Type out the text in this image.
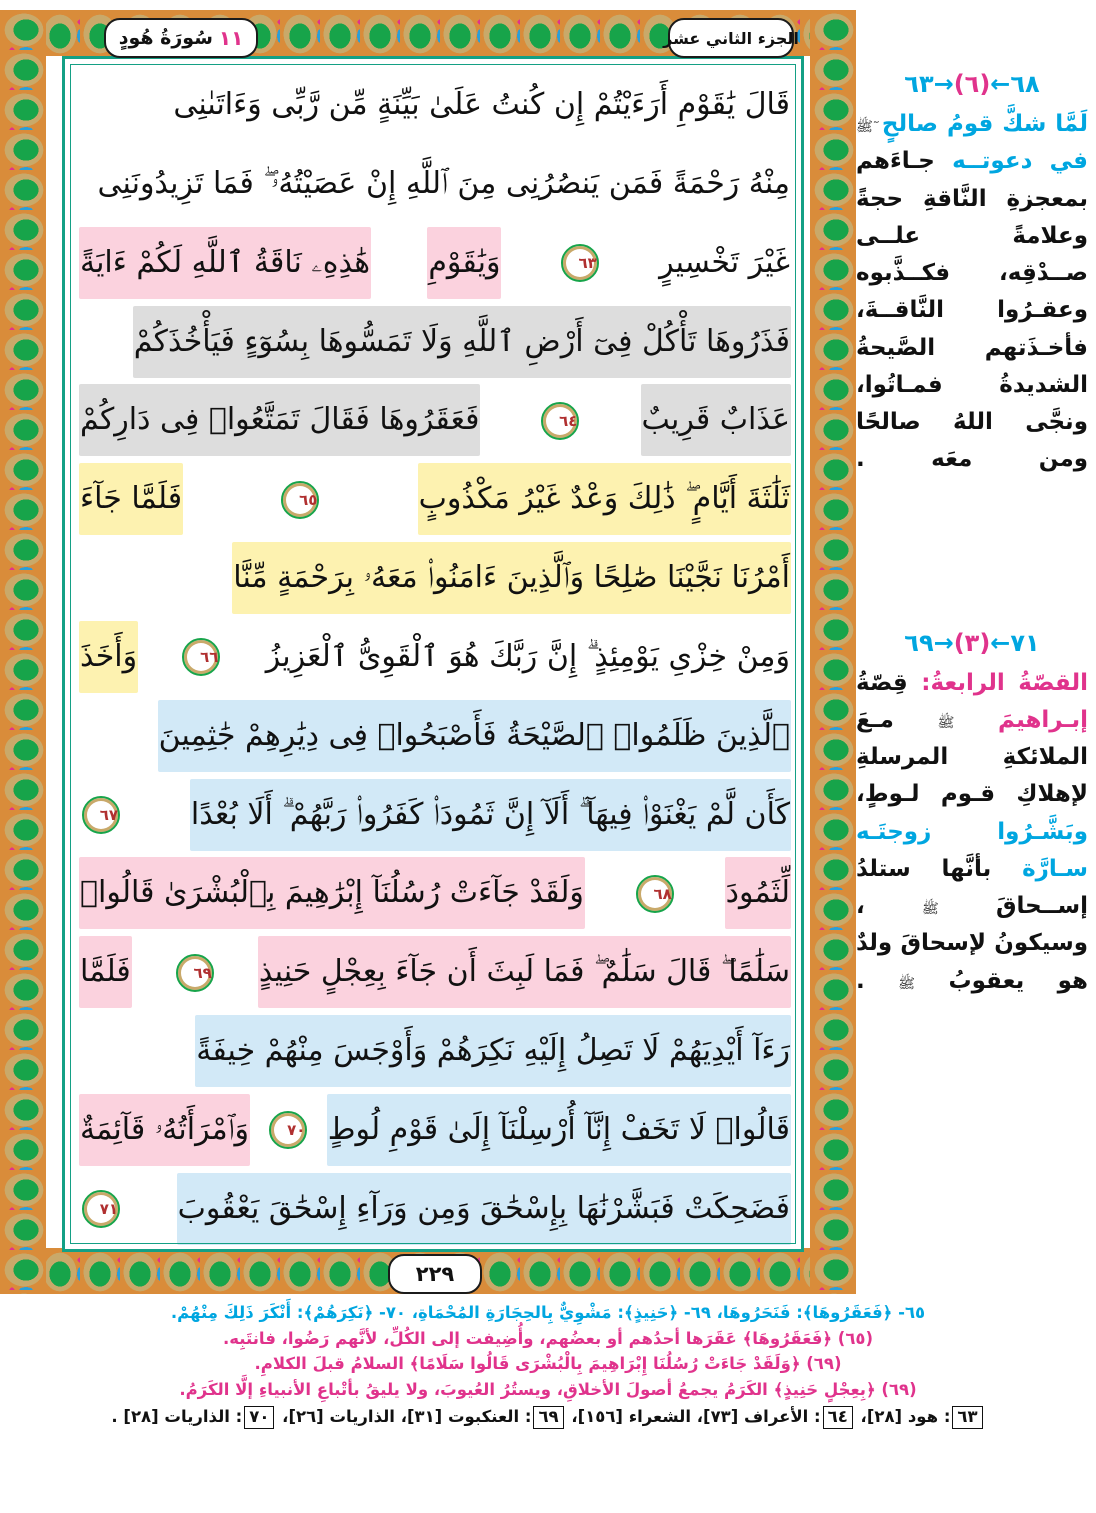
١١
سُورَةُ هُودٍ	الجزء الثاني عشر
قَالَ يَٰقَوْمِ أَرَءَيْتُمْ إِن كُنتُ عَلَىٰ بَيِّنَةٍ مِّن رَّبِّى وَءَاتَىٰنِى
مِنْهُ رَحْمَةً فَمَن يَنصُرُنِى مِنَ ٱللَّهِ إِنْ عَصَيْتُهُۥ ۖ فَمَا تَزِيدُونَنِى
غَيْرَ تَخْسِيرٍ ٦٣ وَيَٰقَوْمِ هَٰذِهِۦ نَاقَةُ ٱللَّهِ لَكُمْ ءَايَةً
فَذَرُوهَا تَأْكُلْ فِىٓ أَرْضِ ٱللَّهِ وَلَا تَمَسُّوهَا بِسُوٓءٍ فَيَأْخُذَكُمْ
عَذَابٌ قَرِيبٌ ٦٤ فَعَقَرُوهَا فَقَالَ تَمَتَّعُوا۟ فِى دَارِكُمْ
ثَلَٰثَةَ أَيَّامٍ ۖ ذَٰلِكَ وَعْدٌ غَيْرُ مَكْذُوبٍ ٦٥ فَلَمَّا جَآءَ
أَمْرُنَا نَجَّيْنَا صَٰلِحًا وَٱلَّذِينَ ءَامَنُوا۟ مَعَهُۥ بِرَحْمَةٍ مِّنَّا
وَمِنْ خِزْىِ يَوْمِئِذٍ ۗ إِنَّ رَبَّكَ هُوَ ٱلْقَوِىُّ ٱلْعَزِيزُ ٦٦ وَأَخَذَ
ٱلَّذِينَ ظَلَمُوا۟ ٱلصَّيْحَةُ فَأَصْبَحُوا۟ فِى دِيَٰرِهِمْ جَٰثِمِينَ
كَأَن لَّمْ يَغْنَوْا۟ فِيهَآ ۗ أَلَآ إِنَّ ثَمُودَا۟ كَفَرُوا۟ رَبَّهُمْ ۗ أَلَا بُعْدًا ٦٧
لِّثَمُودَ ٦٨ وَلَقَدْ جَآءَتْ رُسُلُنَآ إِبْرَٰهِيمَ بِٱلْبُشْرَىٰ قَالُوا۟
سَلَٰمًا ۖ قَالَ سَلَٰمٌ ۖ فَمَا لَبِثَ أَن جَآءَ بِعِجْلٍ حَنِيذٍ ٦٩ فَلَمَّا
رَءَآ أَيْدِيَهُمْ لَا تَصِلُ إِلَيْهِ نَكِرَهُمْ وَأَوْجَسَ مِنْهُمْ خِيفَةً
قَالُوا۟ لَا تَخَفْ إِنَّآ أُرْسِلْنَآ إِلَىٰ قَوْمِ لُوطٍ ٧٠ وَٱمْرَأَتُهُۥ قَآئِمَةٌ
فَضَحِكَتْ فَبَشَّرْنَٰهَا بِإِسْحَٰقَ وَمِن وَرَآءِ إِسْحَٰقَ يَعْقُوبَ ٧١
٢٢٩
٦٨←(٦)→٦٣
لَمَّا شكَّ قومُ صالحٍ ٓﷺ في دعوتــه جـاءَهم بمعجزةِ النَّاقةِ حجةً وعلامةً علــى صــدْقِه، فكــذَّبوه وعقـرُوا النَّاقــةَ، فأخـذَتهم الصَّيحةُ الشديدةُ فمـاتُوا، ونجَّى اللهُ صالحًا ومن معَه .
٧١←(٣)→٦٩
القصّةُ الرابعةُ: قِصّةُ إبـراهيمَ ﷺ مـعَ الملائكةِ المرسلةِ لإهلاكِ قـوم لـوطٍ، وبَشَّـرُوا زوجتَـه سـارَّة بأنَّها ستلدُ إســحاقَ ﷺ ، وسيكونُ لإسحاقَ ولدٌ هو يعقوبُ ﷺ .
٦٥- ﴿فَعَقَرُوهَا﴾: فَنَحَرُوهَا، ٦٩- ﴿حَنِيذٍ﴾: مَشْوِيٌّ بِالحِجَارَةِ المُحْمَاةِ، ٧٠- ﴿نَكِرَهُمْ﴾: أَنْكَرَ ذَلِكَ مِنْهُمْ.
(٦٥) ﴿فَعَقَرُوهَا﴾ عَقَرَها أحدُهم أو بعضُهم، وأُضِيفت إلى الكُلِّ، لأنَّهم رَضُوا، فانتَبِه.
(٦٩) ﴿وَلَقَدْ جَاءَتْ رُسُلُنَا إِبْرَاهِيمَ بِالْبُشْرَى قَالُوا سَلَامًا﴾ السلامُ قبلَ الكلامِ.
(٦٩) ﴿بِعِجْلٍ حَنِيذٍ﴾ الكَرَمُ يجمعُ أصولَ الأخلاقِ، ويستُرُ العُيوبَ، ولا يليقُ بأتْباعِ الأنبياءِ إلَّا الكَرَمُ.
٦٣: هود [٢٨]، ٦٤: الأعراف [٧٣]، الشعراء [١٥٦]، ٦٩: العنكبوت [٣١]، الذاريات [٢٦]، ٧٠: الذاريات [٢٨] .
